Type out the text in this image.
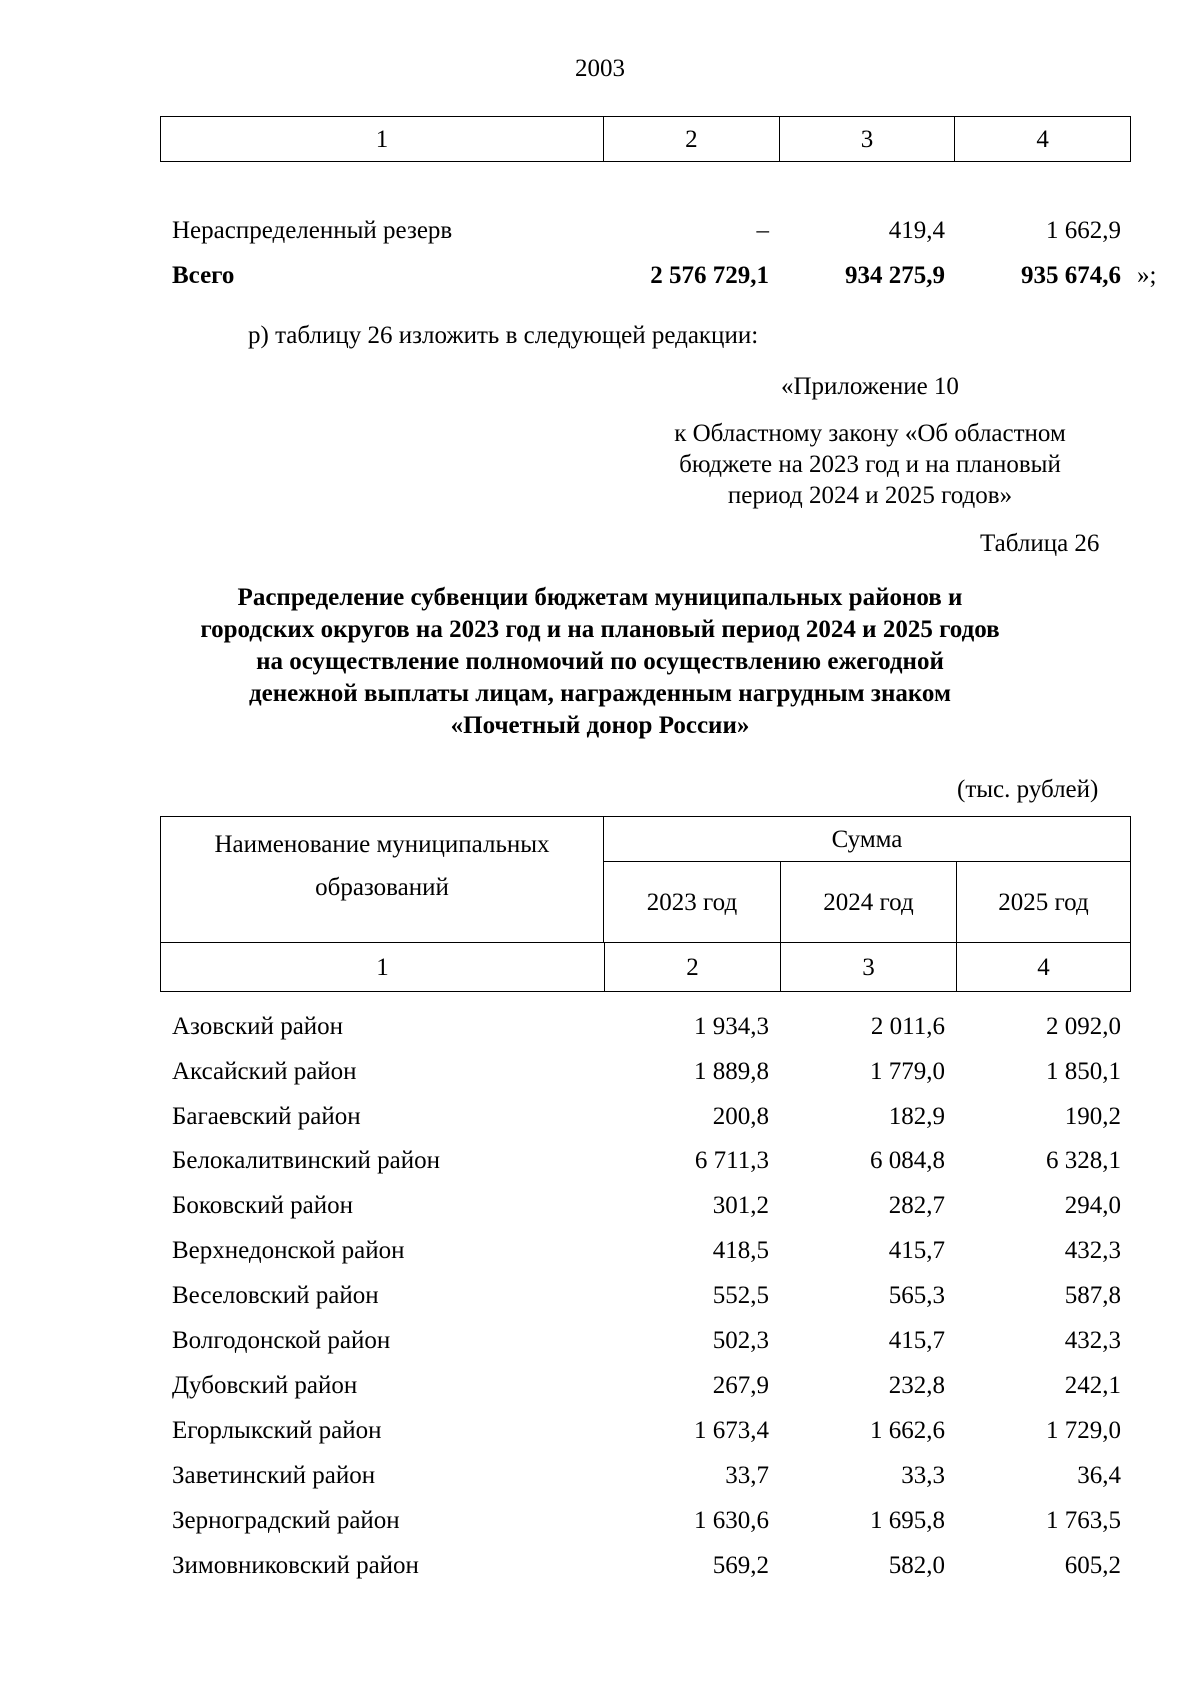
2003
1	2	3	4
Нераспределенный резерв	–	419,4	1 662,9
Всего	2 576 729,1	934 275,9	935 674,6 »;
р) таблицу 26 изложить в следующей редакции:
«Приложение 10
к Областному закону «Об областном
бюджете на 2023 год и на плановый
период 2024 и 2025 годов»
Таблица 26
Распределение субвенции бюджетам муниципальных районов и
городских округов на 2023 год и на плановый период 2024 и 2025 годов
на осуществление полномочий по осуществлению ежегодной
денежной выплаты лицам, награжденным нагрудным знаком
«Почетный донор России»
(тыс. рублей)
Наименование муниципальных
образований
Сумма
2023 год	2024 год	2025 год
1	2	3	4
Азовский район	1 934,3	2 011,6	2 092,0
Аксайский район	1 889,8	1 779,0	1 850,1
Багаевский район	200,8	182,9	190,2
Белокалитвинский район	6 711,3	6 084,8	6 328,1
Боковский район	301,2	282,7	294,0
Верхнедонской район	418,5	415,7	432,3
Веселовский район	552,5	565,3	587,8
Волгодонской район	502,3	415,7	432,3
Дубовский район	267,9	232,8	242,1
Егорлыкский район	1 673,4	1 662,6	1 729,0
Заветинский район	33,7	33,3	36,4
Зерноградский район	1 630,6	1 695,8	1 763,5
Зимовниковский район	569,2	582,0	605,2
